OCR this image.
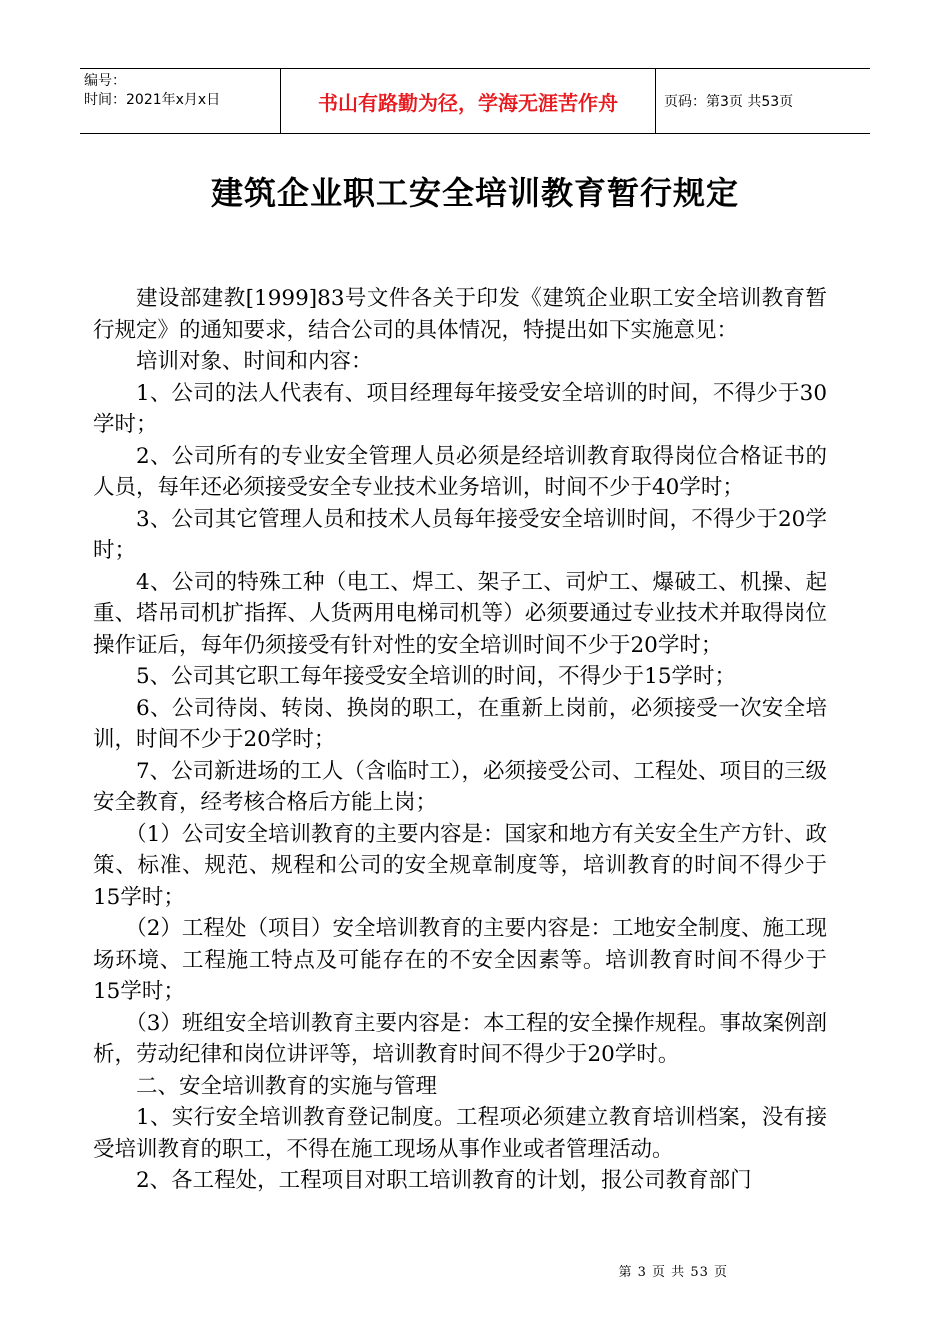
编号：
时间：2021年x月x日	书山有路勤为径，学海无涯苦作舟	页码：第3页 共53页
建筑企业职工安全培训教育暂行规定

建设部建教[1999]83号文件各关于印发《建筑企业职工安全培训教育暂行规定》的通知要求，结合公司的具体情况，特提出如下实施意见：

培训对象、时间和内容：

1、公司的法人代表有、项目经理每年接受安全培训的时间，不得少于30学时；

2、公司所有的专业安全管理人员必须是经培训教育取得岗位合格证书的人员，每年还必须接受安全专业技术业务培训，时间不少于40学时；

3、公司其它管理人员和技术人员每年接受安全培训时间，不得少于20学时；

4、公司的特殊工种（电工、焊工、架子工、司炉工、爆破工、机操、起重、塔吊司机扩指挥、人货两用电梯司机等）必须要通过专业技术并取得岗位操作证后，每年仍须接受有针对性的安全培训时间不少于20学时；

5、公司其它职工每年接受安全培训的时间，不得少于15学时；

6、公司待岗、转岗、换岗的职工，在重新上岗前，必须接受一次安全培训，时间不少于20学时；

7、公司新进场的工人（含临时工），必须接受公司、工程处、项目的三级安全教育，经考核合格后方能上岗；

（1）公司安全培训教育的主要内容是：国家和地方有关安全生产方针、政策、标准、规范、规程和公司的安全规章制度等，培训教育的时间不得少于15学时；

（2）工程处（项目）安全培训教育的主要内容是：工地安全制度、施工现场环境、工程施工特点及可能存在的不安全因素等。培训教育时间不得少于15学时；

（3）班组安全培训教育主要内容是：本工程的安全操作规程。事故案例剖析，劳动纪律和岗位讲评等，培训教育时间不得少于20学时。

二、安全培训教育的实施与管理

1、实行安全培训教育登记制度。工程项必须建立教育培训档案，没有接受培训教育的职工，不得在施工现场从事作业或者管理活动。

2、各工程处，工程项目对职工培训教育的计划，报公司教育部门

第 3 页 共 53 页
